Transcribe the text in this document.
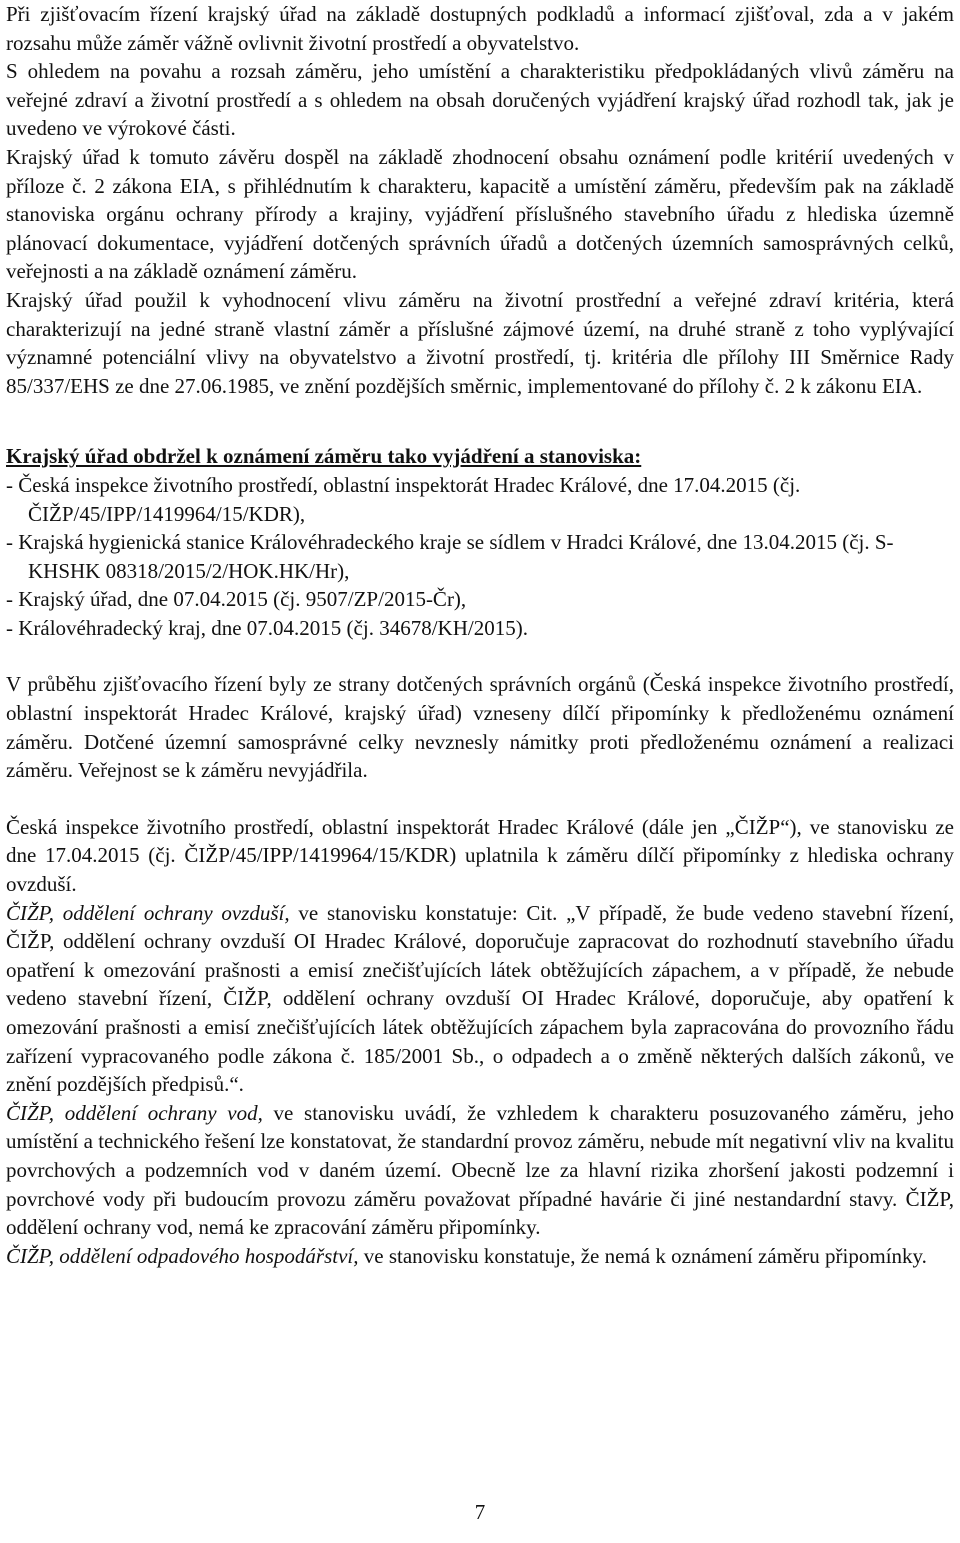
Při zjišťovacím řízení krajský úřad na základě dostupných podkladů a informací zjišťoval, zda a v jakém rozsahu může záměr vážně ovlivnit životní prostředí a obyvatelstvo.

S ohledem na povahu a rozsah záměru, jeho umístění a charakteristiku předpokládaných vlivů záměru na veřejné zdraví a životní prostředí a s ohledem na obsah doručených vyjádření krajský úřad rozhodl tak, jak je uvedeno ve výrokové části.

Krajský úřad k tomuto závěru dospěl na základě zhodnocení obsahu oznámení podle kritérií uvedených v příloze č. 2 zákona EIA, s přihlédnutím k charakteru, kapacitě a umístění záměru, především pak na základě stanoviska orgánu ochrany přírody a krajiny, vyjádření příslušného stavebního úřadu z hlediska územně plánovací dokumentace, vyjádření dotčených správních úřadů a dotčených územních samosprávných celků, veřejnosti a na základě oznámení záměru.

Krajský úřad použil k vyhodnocení vlivu záměru na životní prostřední a veřejné zdraví kritéria, která charakterizují na jedné straně vlastní záměr a příslušné zájmové území, na druhé straně z toho vyplývající významné potenciální vlivy na obyvatelstvo a životní prostředí, tj. kritéria dle přílohy III Směrnice Rady 85/337/EHS ze dne 27.06.1985, ve znění pozdějších směrnic, implementované do přílohy č. 2 k zákonu EIA.

Krajský úřad obdržel k oznámení záměru tako vyjádření a stanoviska:

- Česká inspekce životního prostředí, oblastní inspektorát Hradec Králové, dne 17.04.2015 (čj. ČIŽP/45/IPP/1419964/15/KDR),

- Krajská hygienická stanice Královéhradeckého kraje se sídlem v Hradci Králové, dne 13.04.2015 (čj. S-KHSHK 08318/2015/2/HOK.HK/Hr),

- Krajský úřad, dne 07.04.2015 (čj. 9507/ZP/2015-Čr),

- Královéhradecký kraj, dne 07.04.2015 (čj. 34678/KH/2015).

V průběhu zjišťovacího řízení byly ze strany dotčených správních orgánů (Česká inspekce životního prostředí, oblastní inspektorát Hradec Králové, krajský úřad) vzneseny dílčí připomínky k předloženému oznámení záměru. Dotčené územní samosprávné celky nevznesly námitky proti předloženému oznámení a realizaci záměru. Veřejnost se k záměru nevyjádřila.

Česká inspekce životního prostředí, oblastní inspektorát Hradec Králové (dále jen „ČIŽP“), ve stanovisku ze dne 17.04.2015 (čj. ČIŽP/45/IPP/1419964/15/KDR) uplatnila k záměru dílčí připomínky z hlediska ochrany ovzduší.

ČIŽP, oddělení ochrany ovzduší, ve stanovisku konstatuje: Cit. „V případě, že bude vedeno stavební řízení, ČIŽP, oddělení ochrany ovzduší OI Hradec Králové, doporučuje zapracovat do rozhodnutí stavebního úřadu opatření k omezování prašnosti a emisí znečišťujících látek obtěžujících zápachem, a v případě, že nebude vedeno stavební řízení, ČIŽP, oddělení ochrany ovzduší OI Hradec Králové, doporučuje, aby opatření k omezování prašnosti a emisí znečišťujících látek obtěžujících zápachem byla zapracována do provozního řádu zařízení vypracovaného podle zákona č. 185/2001 Sb., o odpadech a o změně některých dalších zákonů, ve znění pozdějších předpisů.“.

ČIŽP, oddělení ochrany vod, ve stanovisku uvádí, že vzhledem k charakteru posuzovaného záměru, jeho umístění a technického řešení lze konstatovat, že standardní provoz záměru, nebude mít negativní vliv na kvalitu povrchových a podzemních vod v daném území. Obecně lze za hlavní rizika zhoršení jakosti podzemní i povrchové vody při budoucím provozu záměru považovat případné havárie či jiné nestandardní stavy. ČIŽP, oddělení ochrany vod, nemá ke zpracování záměru připomínky.

ČIŽP, oddělení odpadového hospodářství, ve stanovisku konstatuje, že nemá k oznámení záměru připomínky.

7
